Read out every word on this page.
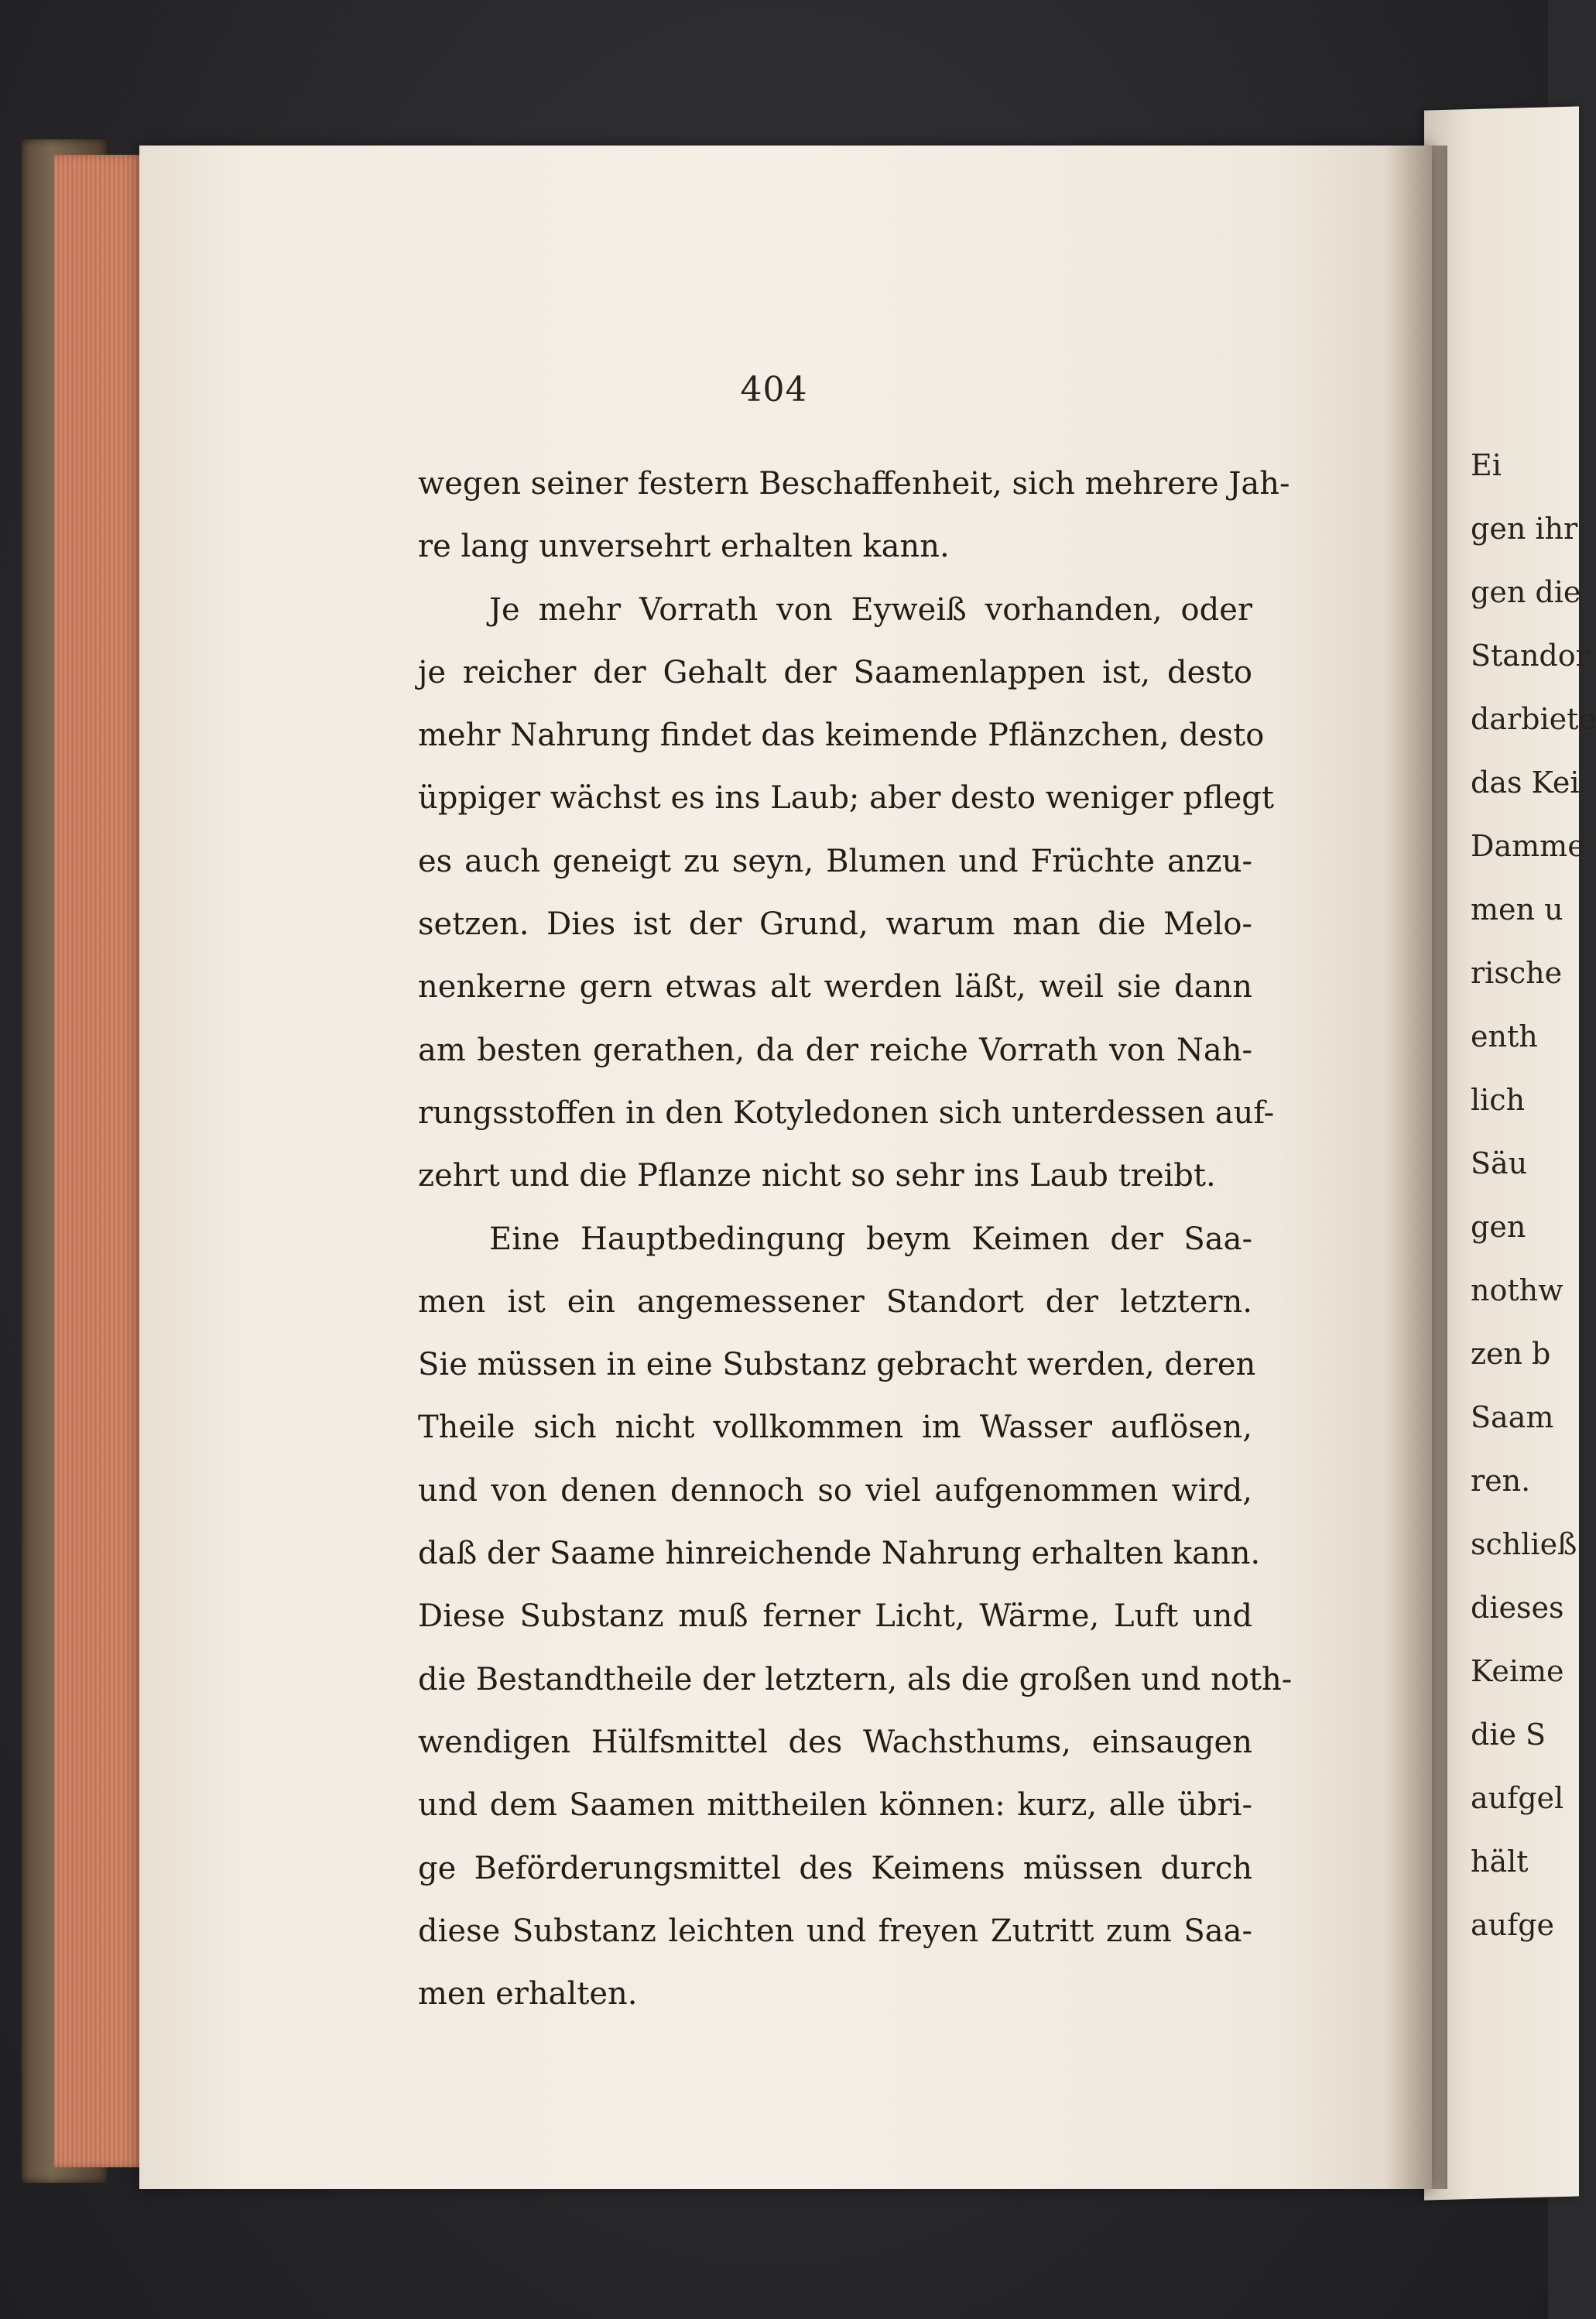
Ei
gen ihr
gen die
Standor
darbiete
das Kei
Damme
men u
rische
enth
lich
Säu
gen
nothw
zen b
Saam
ren.
schließ
dieses
Keime
die S
aufgel
hält
aufge
404
wegen seiner festern Beschaffenheit, sich mehrere Jah-
re lang unversehrt erhalten kann.
Je mehr Vorrath von Eyweiß vorhanden, oder
je reicher der Gehalt der Saamenlappen ist, desto
mehr Nahrung findet das keimende Pflänzchen, desto
üppiger wächst es ins Laub; aber desto weniger pflegt
es auch geneigt zu seyn, Blumen und Früchte anzu-
setzen. Dies ist der Grund, warum man die Melo-
nenkerne gern etwas alt werden läßt, weil sie dann
am besten gerathen, da der reiche Vorrath von Nah-
rungsstoffen in den Kotyledonen sich unterdessen auf-
zehrt und die Pflanze nicht so sehr ins Laub treibt.
Eine Hauptbedingung beym Keimen der Saa-
men ist ein angemessener Standort der letztern.
Sie müssen in eine Substanz gebracht werden, deren
Theile sich nicht vollkommen im Wasser auflösen,
und von denen dennoch so viel aufgenommen wird,
daß der Saame hinreichende Nahrung erhalten kann.
Diese Substanz muß ferner Licht, Wärme, Luft und
die Bestandtheile der letztern, als die großen und noth-
wendigen Hülfsmittel des Wachsthums, einsaugen
und dem Saamen mittheilen können: kurz, alle übri-
ge Beförderungsmittel des Keimens müssen durch
diese Substanz leichten und freyen Zutritt zum Saa-
men erhalten.
